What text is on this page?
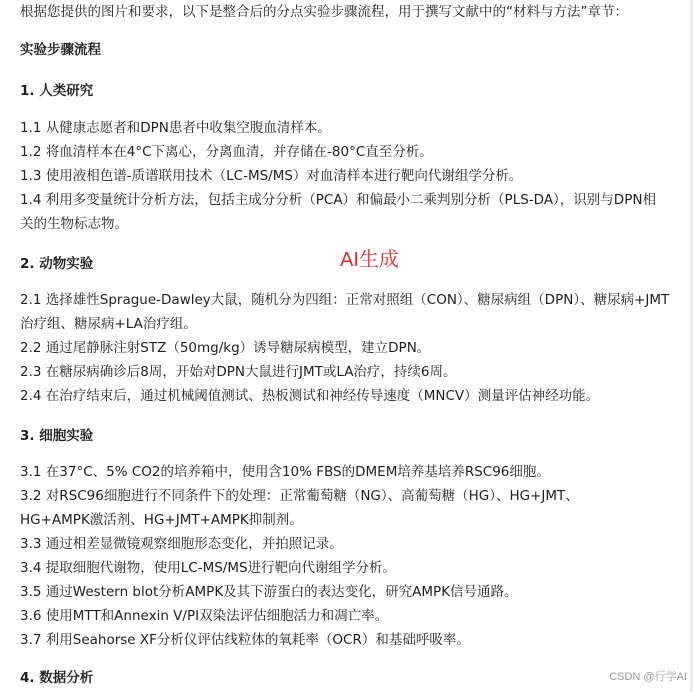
根据您提供的图片和要求，以下是整合后的分点实验步骤流程，用于撰写文献中的“材料与方法”章节：

实验步骤流程

1. 人类研究

1.1 从健康志愿者和DPN患者中收集空腹血清样本。

1.2 将血清样本在4°C下离心，分离血清，并存储在-80°C直至分析。

1.3 使用液相色谱-质谱联用技术（LC-MS/MS）对血清样本进行靶向代谢组学分析。

1.4 利用多变量统计分析方法，包括主成分分析（PCA）和偏最小二乘判别分析（PLS-DA），识别与DPN相关的生物标志物。

2. 动物实验

2.1 选择雄性Sprague-Dawley大鼠，随机分为四组：正常对照组（CON）、糖尿病组（DPN）、糖尿病+JMT治疗组、糖尿病+LA治疗组。

2.2 通过尾静脉注射STZ（50mg/kg）诱导糖尿病模型，建立DPN。

2.3 在糖尿病确诊后8周，开始对DPN大鼠进行JMT或LA治疗，持续6周。

2.4 在治疗结束后，通过机械阈值测试、热板测试和神经传导速度（MNCV）测量评估神经功能。

3. 细胞实验

3.1 在37°C、5% CO2的培养箱中，使用含10% FBS的DMEM培养基培养RSC96细胞。

3.2 对RSC96细胞进行不同条件下的处理：正常葡萄糖（NG）、高葡萄糖（HG）、HG+JMT、HG+AMPK激活剂、HG+JMT+AMPK抑制剂。

3.3 通过相差显微镜观察细胞形态变化，并拍照记录。

3.4 提取细胞代谢物，使用LC-MS/MS进行靶向代谢组学分析。

3.5 通过Western blot分析AMPK及其下游蛋白的表达变化，研究AMPK信号通路。

3.6 使用MTT和Annexin V/PI双染法评估细胞活力和凋亡率。

3.7 利用Seahorse XF分析仪评估线粒体的氧耗率（OCR）和基础呼吸率。

4. 数据分析

AI生成
CSDN @行学AI
